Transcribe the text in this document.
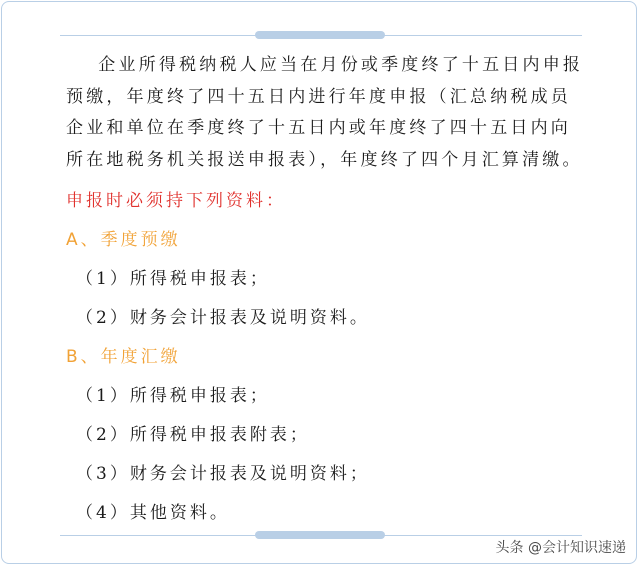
企业所得税纳税人应当在月份或季度终了十五日内申报预缴，年度终了四十五日内进行年度申报（汇总纳税成员企业和单位在季度终了十五日内或年度终了四十五日内向所在地税务机关报送申报表），年度终了四个月汇算清缴。

申报时必须持下列资料：

A、季度预缴

（1）所得税申报表；

（2）财务会计报表及说明资料。

B、年度汇缴

（1）所得税申报表；

（2）所得税申报表附表；

（3）财务会计报表及说明资料；

（4）其他资料。

头条 @会计知识速递
